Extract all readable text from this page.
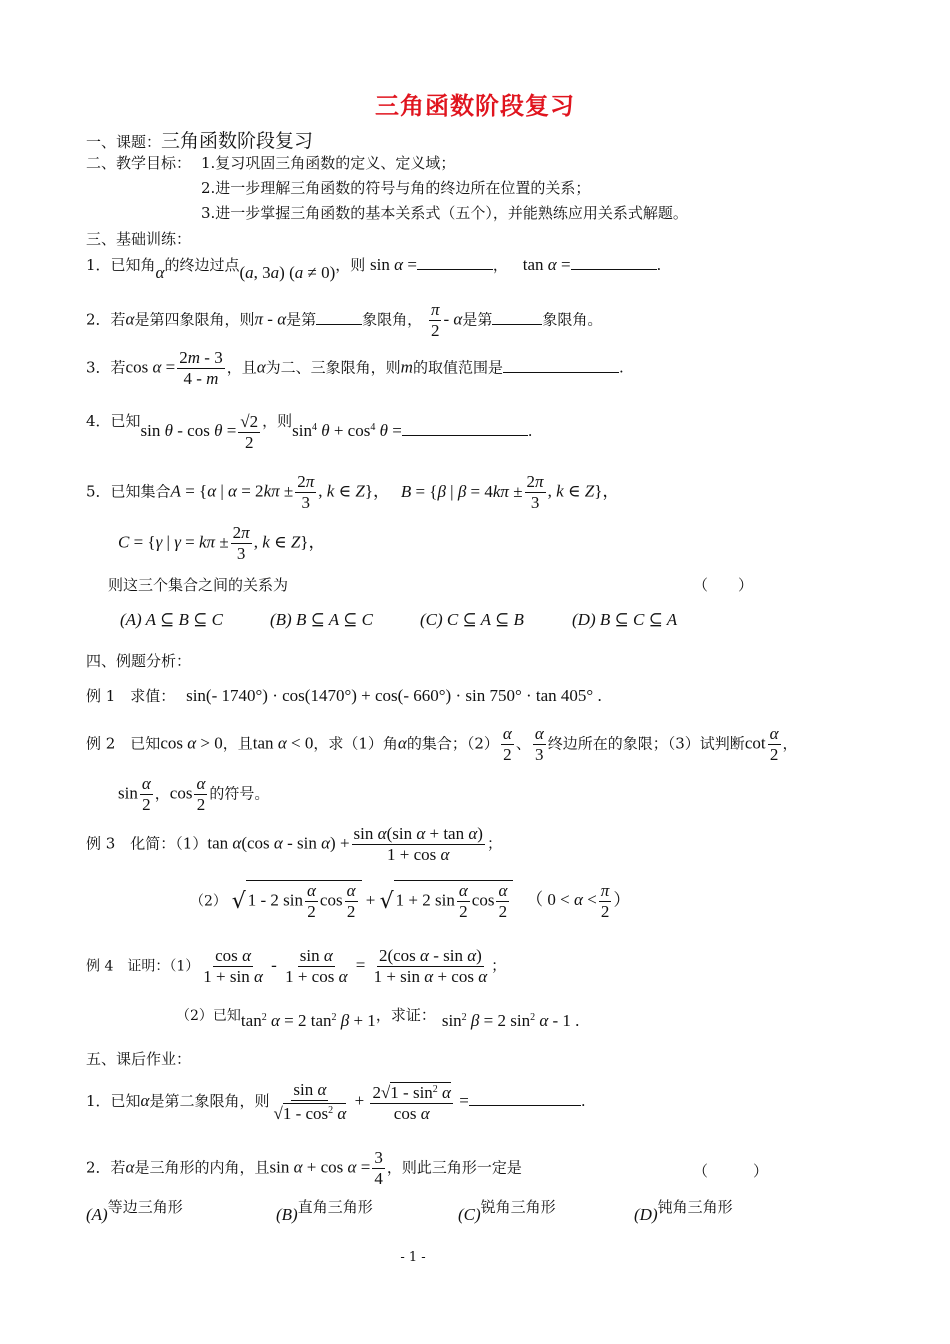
三角函数阶段复习
一、课题：三角函数阶段复习
二、教学目标： 1.复习巩固三角函数的定义、定义域；
2.进一步理解三角函数的符号与角的终边所在位置的关系；
3.进一步掌握三角函数的基本关系式（五个），并能熟练应用关系式解题。
三、基础训练：
1．已知角α的终边过点(a, 3a) (a ≠ 0)，则 sin α =	， tan α =	.
2．若α是第四象限角，则π - α是第	象限角， $\frac{\pi}{2}$ - α是第	象限角。
3．若$\cos \alpha = \frac{2m - 3}{4 - m}$ ，且α为二、三象限角，则m的取值范围是	.
4．已知$\sin \theta - \cos \theta = \frac{√2}{2}$ ，则$\sin^4 \theta + \cos^4 \theta$ =	.
5．已知集合A = {α | $\alpha = 2k\pi \pm \frac{2\pi}{3}$ , k ∈ Z}， B = {β | $\beta = 4k\pi \pm \frac{2\pi}{3}$ , k ∈ Z}，
C = {γ | $\gamma = k\pi \pm \frac{2\pi}{3}$ , k ∈ Z}，
则这三个集合之间的关系为	（　　）
(A) A ⊆ B ⊆ C	(B) B ⊆ A ⊆ C	(C) C ⊆ A ⊆ B	(D) B ⊆ C ⊆ A
四、例题分析：
例 1　求值： sin(- 1740°) · cos(1470°) + cos(- 660°) · sin 750° · tan 405° .
例 2　已知cos α > 0，且tan α < 0，求（1）角α的集合；$(2) \frac{\alpha}{2}$ 、 $\frac{\alpha}{3}$ 终边所在的象限；（3）试判断$\cot \frac{\alpha}{2}$ ，
$\sin \frac{\alpha}{2}$ ，$\cos \frac{\alpha}{2}$ 的符号。
例 3　化简：（1）tan α(cos $\alpha - \sin \alpha) + \frac{\text{sin α(sin α + tan α)}}{\text{1 + cos α}}$ ；
（2） √ 1 - 2 $\sin \frac{\alpha}{2}$ $\cos \frac{\alpha}{2}$ + √ 1 + 2 $\sin \frac{\alpha}{2}$ $\cos \frac{\alpha}{2}$ （ $0 < \alpha < \frac{\pi}{2}$ ）
例 4　证明：$(1) \frac{\text{cos α}}{\text{1 + sin α}} - \frac{\text{sin α}}{\text{1 + cos α}} = \frac{\text{2(cos α - sin α)}}{\text{1 + sin α + cos α}}$ ；
（2）已知$\tan^2 \alpha = 2$ $\tan^2 \beta + 1$，求证： $\sin^2 \beta = 2$ $\sin^2 \alpha - 1$ .
五、课后作业：
1．已知α是第二象限角，则 $\frac{\text{sin α}}{√1 - \cos^2 \alpha} + \frac{2√1 - \sin^2 \alpha}{\text{cos α}}$ =	.
2．若α是三角形的内角，且$\sin \alpha + \cos \alpha = \frac{3}{4}$ ，则此三角形一定是	（　　　）
(A)等边三角形	(B)直角三角形	(C)锐角三角形	(D)钝角三角形
- 1 -
